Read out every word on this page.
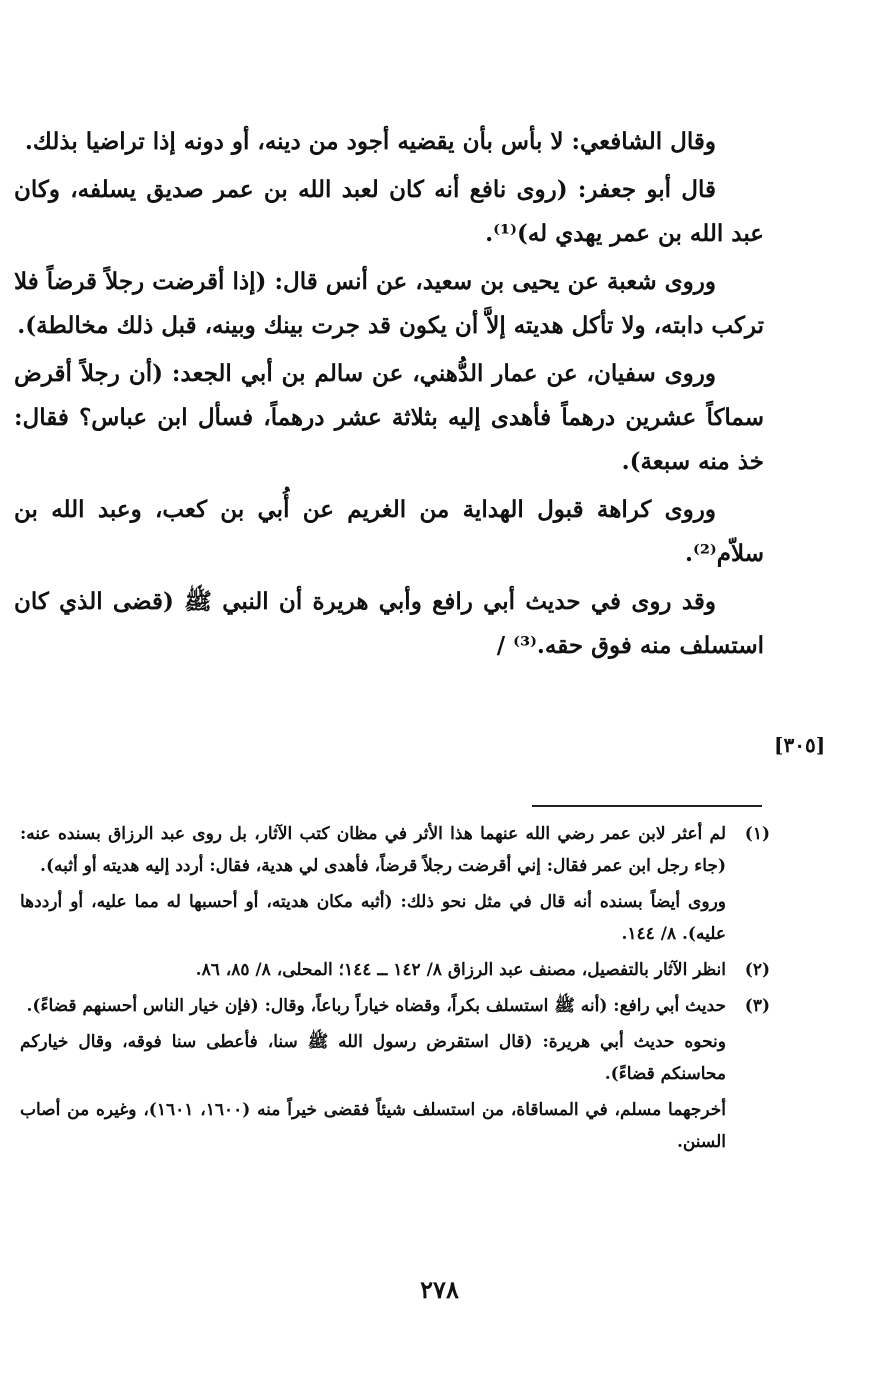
وقال الشافعي: لا بأس بأن يقضيه أجود من دينه، أو دونه إذا تراضيا بذلك.

قال أبو جعفر: (روى نافع أنه كان لعبد الله بن عمر صديق يسلفه، وكان عبد الله بن عمر يهدي له)⁽¹⁾.

وروى شعبة عن يحيى بن سعيد، عن أنس قال: (إذا أقرضت رجلاً قرضاً فلا تركب دابته، ولا تأكل هديته إلاَّ أن يكون قد جرت بينك وبينه، قبل ذلك مخالطة).

وروى سفيان، عن عمار الدُّهني، عن سالم بن أبي الجعد: (أن رجلاً أقرض سماكاً عشرين درهماً فأهدى إليه بثلاثة عشر درهماً، فسأل ابن عباس؟ فقال: خذ منه سبعة).

وروى كراهة قبول الهداية من الغريم عن أُبي بن كعب، وعبد الله بن سلاّم⁽²⁾.

وقد روى في حديث أبي رافع وأبي هريرة أن النبي ﷺ (قضى الذي كان استسلف منه فوق حقه.⁽³⁾ /

[٣٠٥]
(١)

لم أعثر لابن عمر رضي الله عنهما هذا الأثر في مظان كتب الآثار، بل روى عبد الرزاق بسنده عنه: (جاء رجل ابن عمر فقال: إني أقرضت رجلاً قرضاً، فأهدى لي هدية، فقال: أردد إليه هديته أو أثبه).

وروى أيضاً بسنده أنه قال في مثل نحو ذلك: (أثبه مكان هديته، أو أحسبها له مما عليه، أو أرددها عليه). ٨/ ١٤٤.

(٢)

انظر الآثار بالتفصيل، مصنف عبد الرزاق ٨/ ١٤٢ ــ ١٤٤؛ المحلى، ٨/ ٨٥، ٨٦.

(٣)

حديث أبي رافع: (أنه ﷺ استسلف بكراً، وقضاه خياراً رباعاً، وقال: (فإن خيار الناس أحسنهم قضاءً).

ونحوه حديث أبي هريرة: (قال استقرض رسول الله ﷺ سنا، فأعطى سنا فوقه، وقال خياركم محاسنكم قضاءً).

أخرجهما مسلم، في المساقاة، من استسلف شيئاً فقضى خيراً منه (١٦٠٠، ١٦٠١)، وغيره من أصاب السنن.

٢٧٨
